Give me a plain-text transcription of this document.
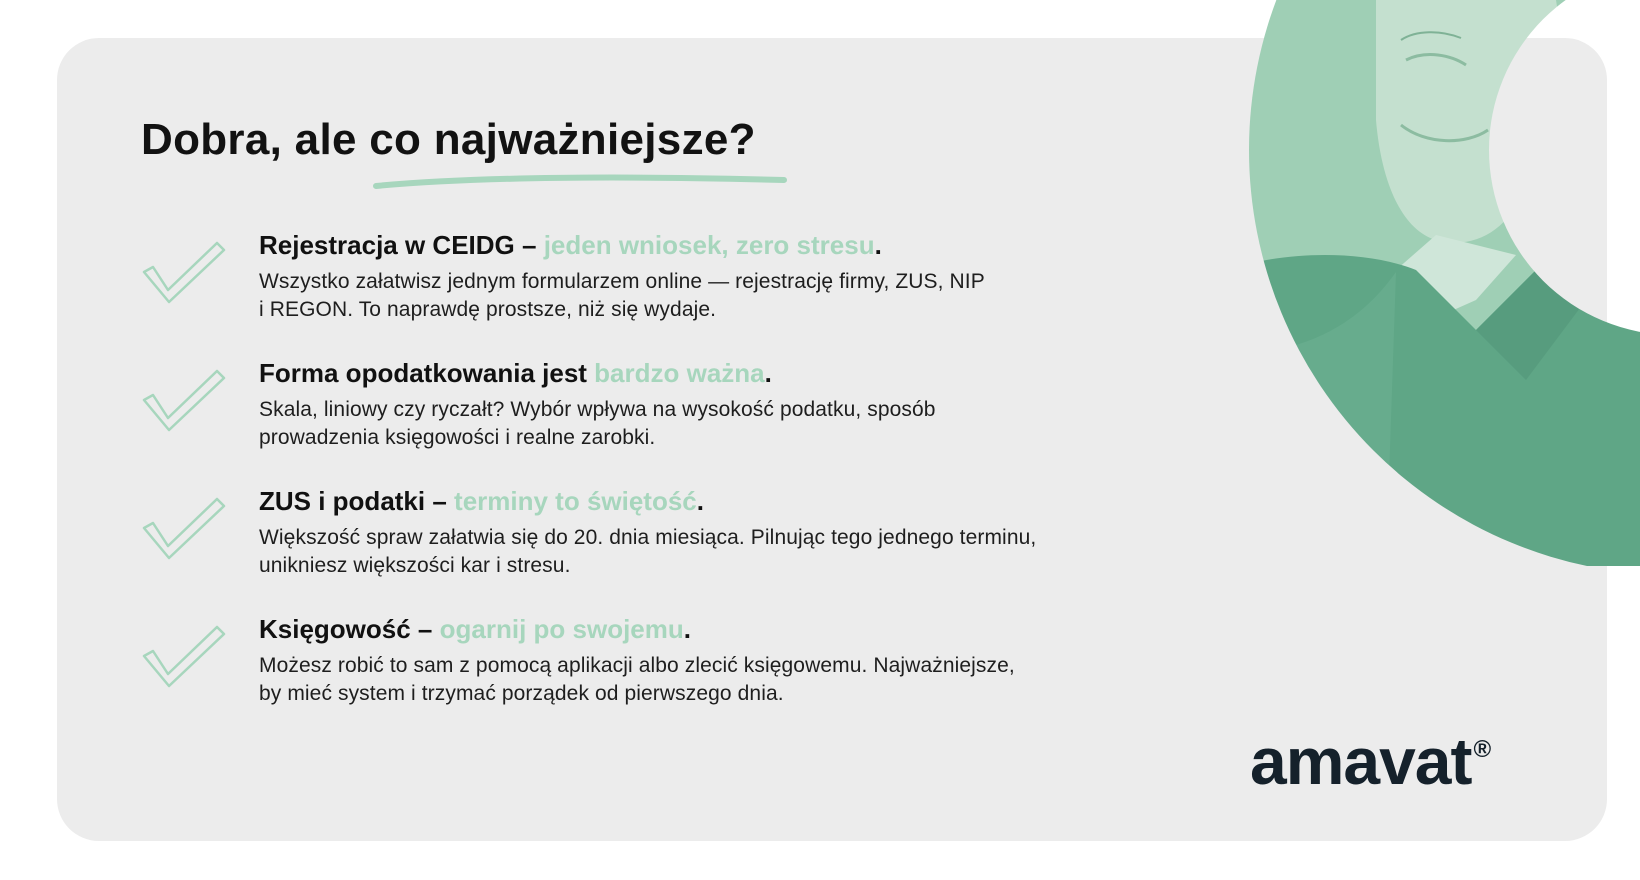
Dobra, ale co najważniejsze?

Rejestracja w CEIDG – jeden wniosek, zero stresu.

Wszystko załatwisz jednym formularzem online — rejestrację firmy, ZUS, NIP
i REGON. To naprawdę prostsze, niż się wydaje.

Forma opodatkowania jest bardzo ważna.

Skala, liniowy czy ryczałt? Wybór wpływa na wysokość podatku, sposób
prowadzenia księgowości i realne zarobki.

ZUS i podatki – terminy to świętość.

Większość spraw załatwia się do 20. dnia miesiąca. Pilnując tego jednego terminu,
unikniesz większości kar i stresu.

Księgowość – ogarnij po swojemu.

Możesz robić to sam z pomocą aplikacji albo zlecić księgowemu. Najważniejsze,
by mieć system i trzymać porządek od pierwszego dnia.

amavat®
